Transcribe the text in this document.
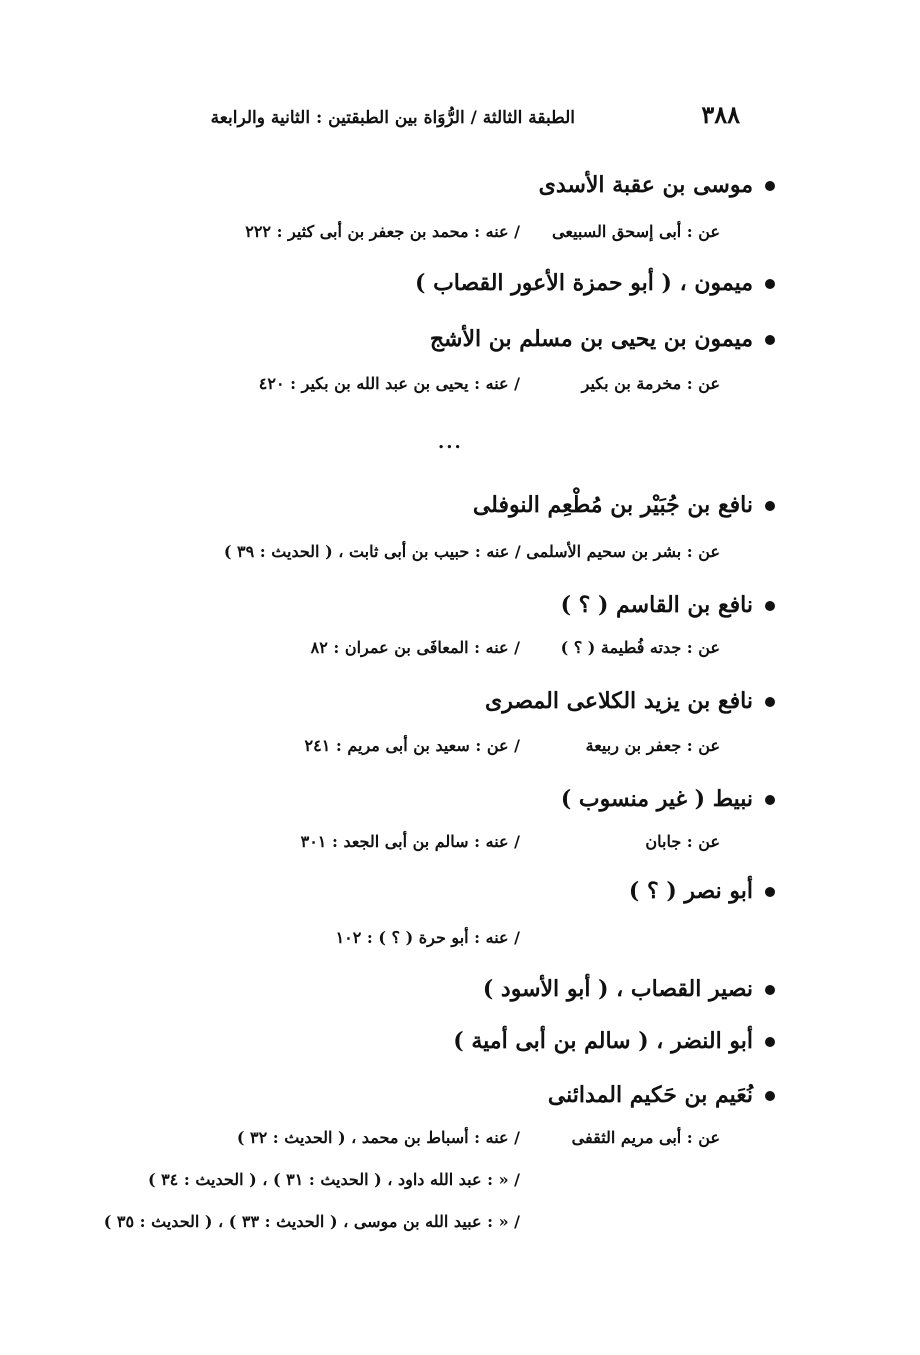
٣٨٨
الطبقة الثالثة / الرُّوَاة بين الطبقتين : الثانية والرابعة
موسى بن عقبة الأسدى
عن : أبى إسحق السبيعى
/ عنه : محمد بن جعفر بن أبى كثير : ٢٢٢
ميمون ، ( أبو حمزة الأعور القصاب )
ميمون بن يحيى بن مسلم بن الأشج
عن : مخرمة بن بكير
/ عنه : يحيى بن عبد الله بن بكير : ٤٢٠
...
نافع بن جُبَيْر بن مُطْعِم النوفلى
عن : بشر بن سحيم الأسلمى / عنه : حبيب بن أبى ثابت ، ( الحديث : ٣٩ )
نافع بن القاسم ( ؟ )
عن : جدته فُطيمة ( ؟ )
/ عنه : المعافَى بن عمران : ٨٢
نافع بن يزيد الكلاعى المصرى
عن : جعفر بن ربيعة
/ عن : سعيد بن أبى مريم : ٢٤١
نبيط ( غير منسوب )
عن : جابان
/ عنه : سالم بن أبى الجعد : ٣٠١
أبو نصر ( ؟ )
/ عنه : أبو حرة ( ؟ ) : ١٠٢
نصير القصاب ، ( أبو الأسود )
أبو النضر ، ( سالم بن أبى أمية )
نُعَيم بن حَكيم المدائنى
عن : أبى مريم الثقفى
/ عنه : أسباط بن محمد ، ( الحديث : ٣٢ )
/ « : عبد الله داود ، ( الحديث : ٣١ ) ، ( الحديث : ٣٤ )
/ « : عبيد الله بن موسى ، ( الحديث : ٣٣ ) ، ( الحديث : ٣٥ )
